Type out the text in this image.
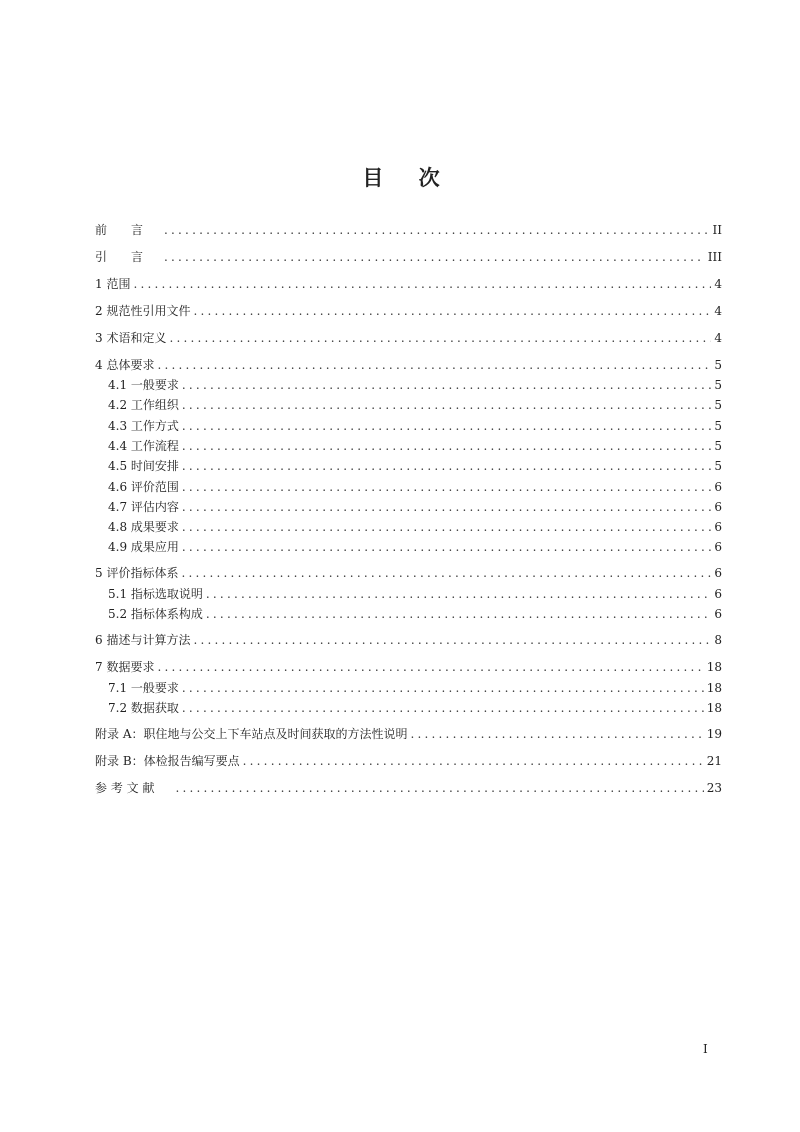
目 次
前　　言 .....	II
引　　言 .....	III
1 范围 .....	4
2 规范性引用文件 .....	4
3 术语和定义 .....	4
4 总体要求 .....	5
4.1 一般要求 .....	5
4.2 工作组织 .....	5
4.3 工作方式 .....	5
4.4 工作流程 .....	5
4.5 时间安排 .....	5
4.6 评价范围 .....	6
4.7 评估内容 .....	6
4.8 成果要求 .....	6
4.9 成果应用 .....	6
5 评价指标体系 .....	6
5.1 指标选取说明 .....	6
5.2 指标体系构成 .....	6
6 描述与计算方法 .....	8
7 数据要求 .....	18
7.1 一般要求 .....	18
7.2 数据获取 .....	18
附录 A：职住地与公交上下车站点及时间获取的方法性说明 .....	19
附录 B：体检报告编写要点 .....	21
参 考 文 献 .....	23
I
